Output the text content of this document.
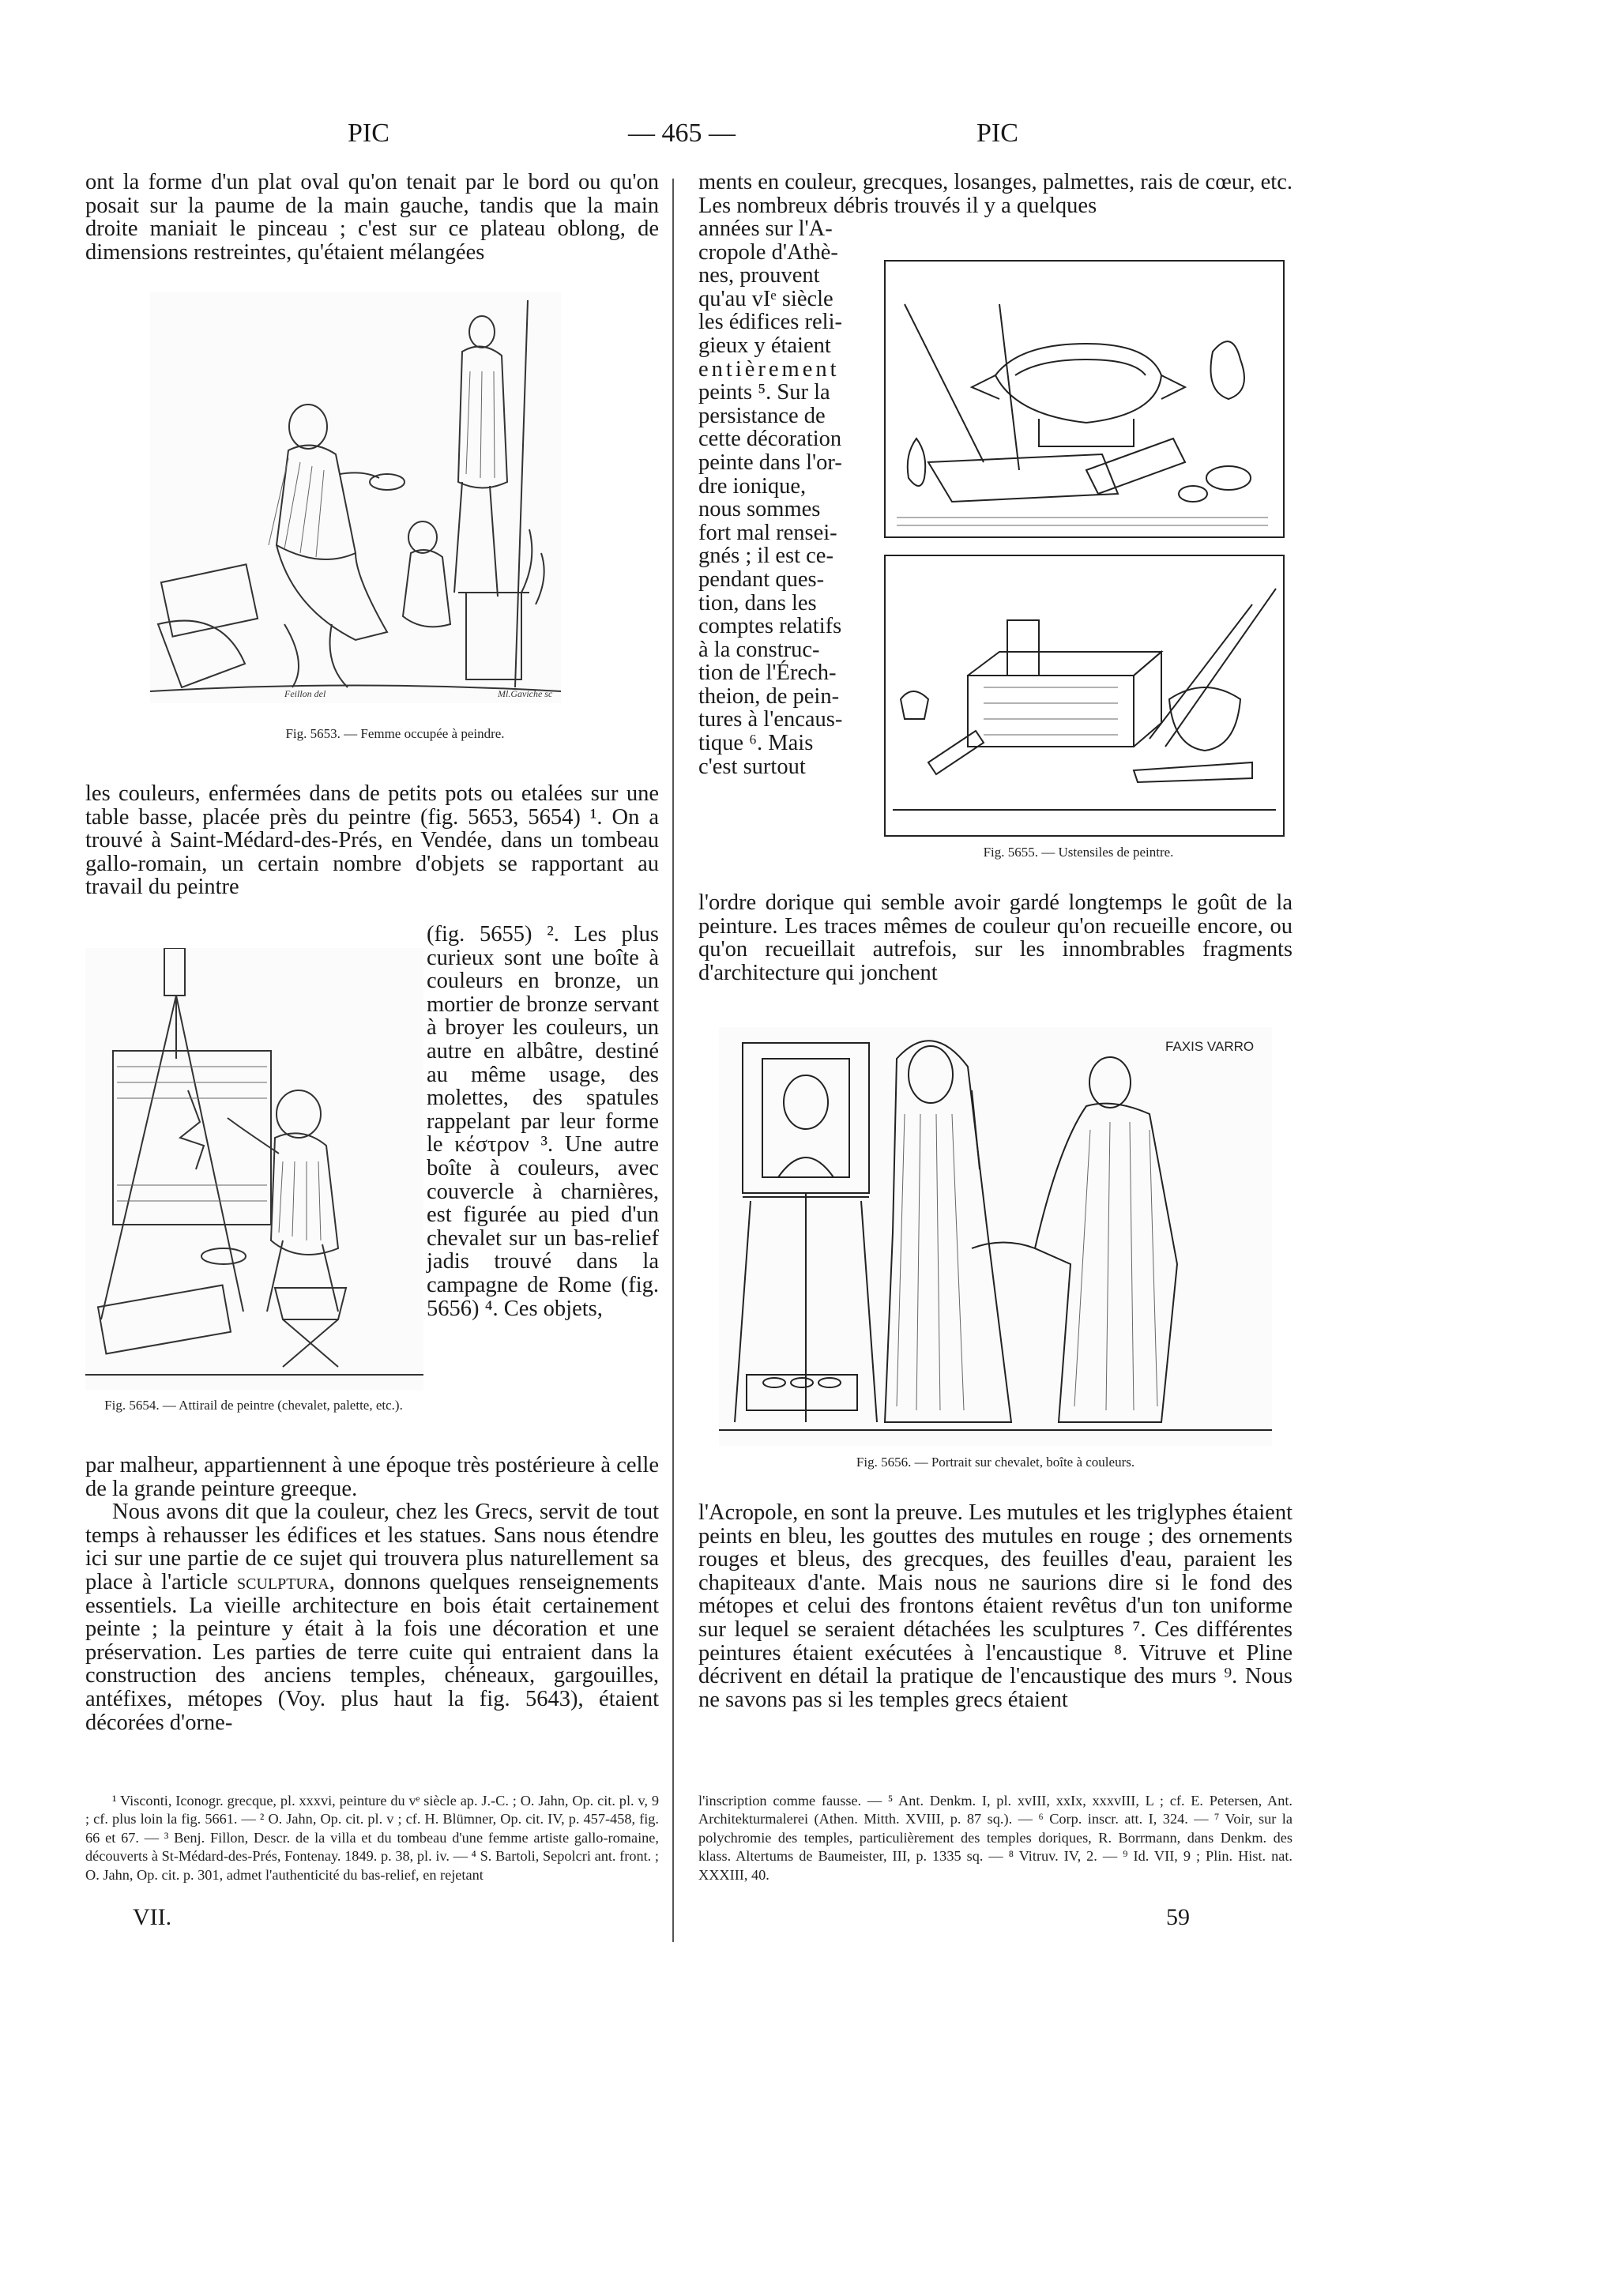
PIC	— 465 —	PIC

ont la forme d'un plat oval qu'on tenait par le bord ou qu'on posait sur la paume de la main gauche, tandis que la main droite maniait le pinceau ; c'est sur ce plateau oblong, de dimensions restreintes, qu'étaient mélangées

Feillon del	Ml.Gaviche sc
Fig. 5653. — Femme occupée à peindre.

les couleurs, enfermées dans de petits pots ou etalées sur une table basse, placée près du peintre (fig. 5653, 5654) ¹. On a trouvé à Saint-Médard-des-Prés, en Vendée, dans un tombeau gallo-romain, un certain nombre d'objets se rapportant au travail du peintre

Fig. 5654. — Attirail de peintre (chevalet, palette, etc.).

(fig. 5655) ². Les plus curieux sont une boîte à couleurs en bronze, un mortier de bronze servant à broyer les couleurs, un autre en albâtre, destiné au même usage, des molettes, des spatules rappelant par leur forme le κέστρον ³. Une autre boîte à couleurs, avec couvercle à charnières, est figurée au pied d'un chevalet sur un bas-relief jadis trouvé dans la campagne de Rome (fig. 5656) ⁴. Ces objets,

par malheur, appartiennent à une époque très postérieure à celle de la grande peinture greeque.

Nous avons dit que la couleur, chez les Grecs, servit de tout temps à rehausser les édifices et les statues. Sans nous étendre ici sur une partie de ce sujet qui trouvera plus naturellement sa place à l'article sculptura, donnons quelques renseignements essentiels. La vieille architecture en bois était certainement peinte ; la peinture y était à la fois une décoration et une préservation. Les parties de terre cuite qui entraient dans la construction des anciens temples, chéneaux, gargouilles, antéfixes, métopes (Voy. plus haut la fig. 5643), étaient décorées d'orne-

¹ Visconti, Iconogr. grecque, pl. xxxvi, peinture du vᵉ siècle ap. J.-C. ; O. Jahn, Op. cit. pl. v, 9 ; cf. plus loin la fig. 5661. — ² O. Jahn, Op. cit. pl. v ; cf. H. Blümner, Op. cit. IV, p. 457-458, fig. 66 et 67. — ³ Benj. Fillon, Descr. de la villa et du tombeau d'une femme artiste gallo-romaine, découverts à St-Médard-des-Prés, Fontenay. 1849. p. 38, pl. iv. — ⁴ S. Bartoli, Sepolcri ant. front. ; O. Jahn, Op. cit. p. 301, admet l'authenticité du bas-relief, en rejetant

VII.

ments en couleur, grecques, losanges, palmettes, rais de cœur, etc. Les nombreux débris trouvés il y a quelques

années sur l'A-
cropole d'Athè-
nes, prouvent
qu'au vIᵉ siècle
les édifices reli-
gieux y étaient
entièrement
peints ⁵. Sur la
persistance de
cette décoration
peinte dans l'or-
dre ionique,
nous sommes
fort mal rensei-
gnés ; il est ce-
pendant ques-
tion, dans les
comptes relatifs
à la construc-
tion de l'Érech-
theion, de pein-
tures à l'encaus-
tique ⁶. Mais
c'est surtout
Fig. 5655. — Ustensiles de peintre.

l'ordre dorique qui semble avoir gardé longtemps le goût de la peinture. Les traces mêmes de couleur qu'on recueille encore, ou qu'on recueillait autrefois, sur les innombrables fragments d'architecture qui jonchent

FAXIS VARRO
Fig. 5656. — Portrait sur chevalet, boîte à couleurs.

l'Acropole, en sont la preuve. Les mutules et les triglyphes étaient peints en bleu, les gouttes des mutules en rouge ; des ornements rouges et bleus, des grecques, des feuilles d'eau, paraient les chapiteaux d'ante. Mais nous ne saurions dire si le fond des métopes et celui des frontons étaient revêtus d'un ton uniforme sur lequel se seraient détachées les sculptures ⁷. Ces différentes peintures étaient exécutées à l'encaustique ⁸. Vitruve et Pline décrivent en détail la pratique de l'encaustique des murs ⁹. Nous ne savons pas si les temples grecs étaient

l'inscription comme fausse. — ⁵ Ant. Denkm. I, pl. xvIII, xxIx, xxxvIII, L ; cf. E. Petersen, Ant. Architekturmalerei (Athen. Mitth. XVIII, p. 87 sq.). — ⁶ Corp. inscr. att. I, 324. — ⁷ Voir, sur la polychromie des temples, particulièrement des temples doriques, R. Borrmann, dans Denkm. des klass. Altertums de Baumeister, III, p. 1335 sq. — ⁸ Vitruv. IV, 2. — ⁹ Id. VII, 9 ; Plin. Hist. nat. XXXIII, 40.

59
